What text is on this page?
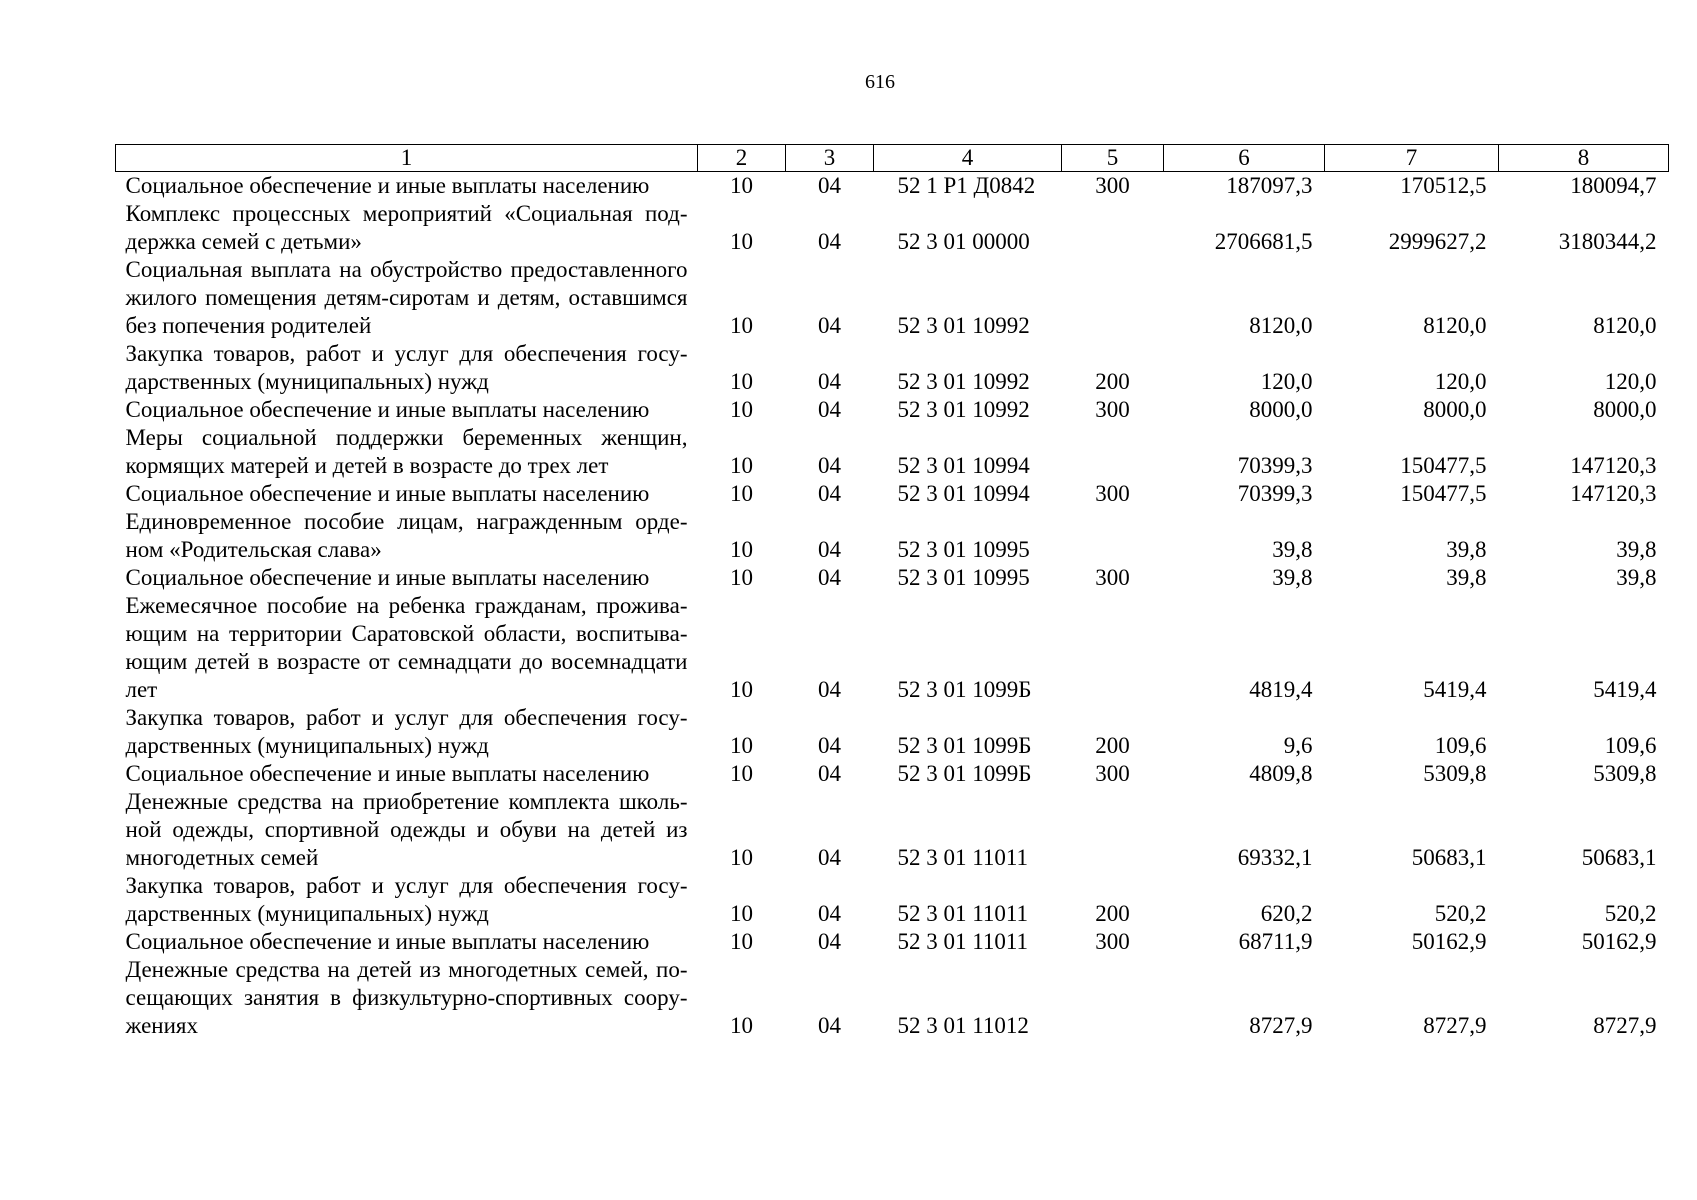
616
1	2	3	4	5	6	7	8
Социальное обеспечение и иные выплаты населению	10	04	52 1 Р1 Д0842	300	187097,3	170512,5	180094,7
Комплекс процессных мероприятий «Социальная поддержка семей с детьми»	10	04	52 3 01 00000		2706681,5	2999627,2	3180344,2
Социальная выплата на обустройство предоставленного жилого помещения детям-сиротам и детям, оставшимся без попечения родителей	10	04	52 3 01 10992		8120,0	8120,0	8120,0
Закупка товаров, работ и услуг для обеспечения государственных (муниципальных) нужд	10	04	52 3 01 10992	200	120,0	120,0	120,0
Социальное обеспечение и иные выплаты населению	10	04	52 3 01 10992	300	8000,0	8000,0	8000,0
Меры социальной поддержки беременных женщин, кормящих матерей и детей в возрасте до трех лет	10	04	52 3 01 10994		70399,3	150477,5	147120,3
Социальное обеспечение и иные выплаты населению	10	04	52 3 01 10994	300	70399,3	150477,5	147120,3
Единовременное пособие лицам, награжденным орденом «Родительская слава»	10	04	52 3 01 10995		39,8	39,8	39,8
Социальное обеспечение и иные выплаты населению	10	04	52 3 01 10995	300	39,8	39,8	39,8
Ежемесячное пособие на ребенка гражданам, проживающим на территории Саратовской области, воспитывающим детей в возрасте от семнадцати до восемнадцати лет	10	04	52 3 01 1099Б		4819,4	5419,4	5419,4
Закупка товаров, работ и услуг для обеспечения государственных (муниципальных) нужд	10	04	52 3 01 1099Б	200	9,6	109,6	109,6
Социальное обеспечение и иные выплаты населению	10	04	52 3 01 1099Б	300	4809,8	5309,8	5309,8
Денежные средства на приобретение комплекта школьной одежды, спортивной одежды и обуви на детей из многодетных семей	10	04	52 3 01 11011		69332,1	50683,1	50683,1
Закупка товаров, работ и услуг для обеспечения государственных (муниципальных) нужд	10	04	52 3 01 11011	200	620,2	520,2	520,2
Социальное обеспечение и иные выплаты населению	10	04	52 3 01 11011	300	68711,9	50162,9	50162,9
Денежные средства на детей из многодетных семей, посещающих занятия в физкультурно-спортивных сооружениях	10	04	52 3 01 11012		8727,9	8727,9	8727,9
